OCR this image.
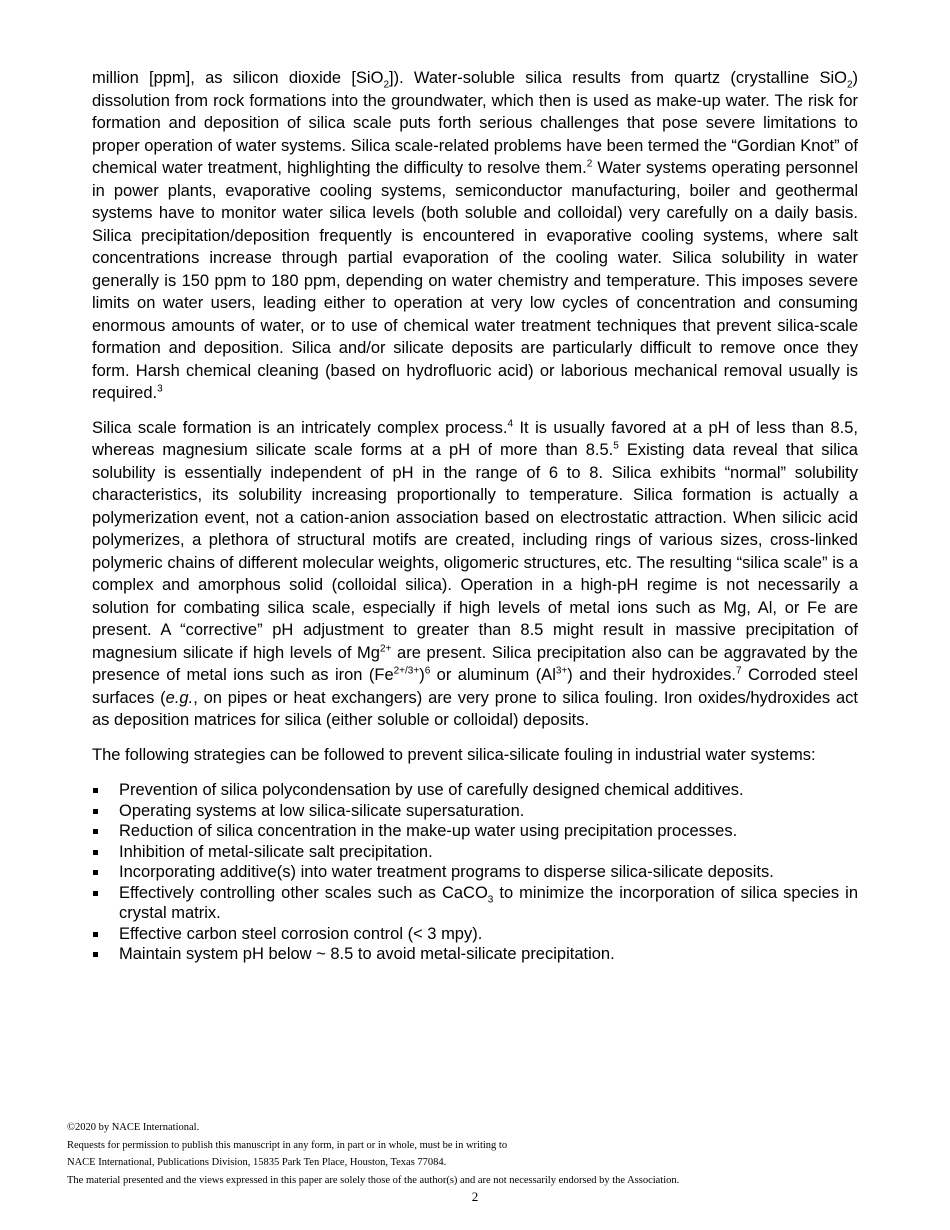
million [ppm], as silicon dioxide [SiO$_2$]). Water-soluble silica results from quartz (crystalline SiO$_2$) dissolution from rock formations into the groundwater, which then is used as make-up water. The risk for formation and deposition of silica scale puts forth serious challenges that pose severe limitations to proper operation of water systems. Silica scale-related problems have been termed the “Gordian Knot” of chemical water treatment, highlighting the difficulty to resolve them.$^2$ Water systems operating personnel in power plants, evaporative cooling systems, semiconductor manufacturing, boiler and geothermal systems have to monitor water silica levels (both soluble and colloidal) very carefully on a daily basis. Silica precipitation/deposition frequently is encountered in evaporative cooling systems, where salt concentrations increase through partial evaporation of the cooling water. Silica solubility in water generally is 150 ppm to 180 ppm, depending on water chemistry and temperature. This imposes severe limits on water users, leading either to operation at very low cycles of concentration and consuming enormous amounts of water, or to use of chemical water treatment techniques that prevent silica-scale formation and deposition. Silica and/or silicate deposits are particularly difficult to remove once they form. Harsh chemical cleaning (based on hydrofluoric acid) or laborious mechanical removal usually is required.$^3$

Silica scale formation is an intricately complex process.$^4$ It is usually favored at a pH of less than 8.5, whereas magnesium silicate scale forms at a pH of more than 8.5.$^5$ Existing data reveal that silica solubility is essentially independent of pH in the range of 6 to 8. Silica exhibits “normal” solubility characteristics, its solubility increasing proportionally to temperature. Silica formation is actually a polymerization event, not a cation-anion association based on electrostatic attraction. When silicic acid polymerizes, a plethora of structural motifs are created, including rings of various sizes, cross-linked polymeric chains of different molecular weights, oligomeric structures, etc. The resulting “silica scale” is a complex and amorphous solid (colloidal silica). Operation in a high-pH regime is not necessarily a solution for combating silica scale, especially if high levels of metal ions such as Mg, Al, or Fe are present. A “corrective” pH adjustment to greater than 8.5 might result in massive precipitation of magnesium silicate if high levels of $Mg^{2+}$ are present. Silica precipitation also can be aggravated by the presence of metal ions such as iron $(Fe^{2+/3+})^6$ or aluminum $(Al^{3+})$ and their hydroxides.$^7$ Corroded steel surfaces (e.g., on pipes or heat exchangers) are very prone to silica fouling. Iron oxides/hydroxides act as deposition matrices for silica (either soluble or colloidal) deposits.

The following strategies can be followed to prevent silica-silicate fouling in industrial water systems:

Prevention of silica polycondensation by use of carefully designed chemical additives.
Operating systems at low silica-silicate supersaturation.
Reduction of silica concentration in the make-up water using precipitation processes.
Inhibition of metal-silicate salt precipitation.
Incorporating additive(s) into water treatment programs to disperse silica-silicate deposits.
Effectively controlling other scales such as CaCO$_3$ to minimize the incorporation of silica species in crystal matrix.
Effective carbon steel corrosion control (< 3 mpy).
Maintain system pH below ~ 8.5 to avoid metal-silicate precipitation.
©2020 by NACE International.
Requests for permission to publish this manuscript in any form, in part or in whole, must be in writing to
NACE International, Publications Division, 15835 Park Ten Place, Houston, Texas 77084.
The material presented and the views expressed in this paper are solely those of the author(s) and are not necessarily endorsed by the Association.
2
